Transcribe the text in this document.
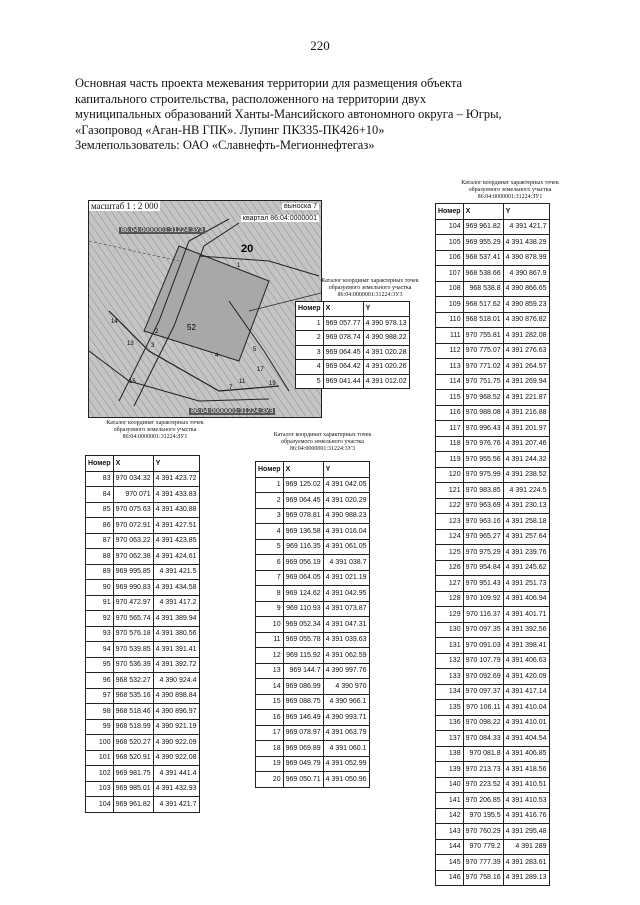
220
Основная часть проекта межевания территории для размещения объекта
капитального строительства, расположенного на территории двух
муниципальных образований Ханты-Мансийского автономного округа – Югры,
«Газопровод «Аган-НВ ГПК». Лупинг ПК335-ПК426+10»
Землепользователь: ОАО «Славнефть-Мегионнефтегаз»
масштаб 1 : 2 000	выноска 7
квартал 86:04:0000001
86:04:0000001:31224:3У3
86:04:0000001:31224:3У3
20
52
1
2
3
4
5
7
11
13
14
15
17
19
Каталог координат характерных точек
образуемого земельного участка
86:04:0000001:31224:ЗУ1
Номер	X	Y
104	969 961.82	4 391 421.7
105	969 955.29	4 391 438.29
106	968 537.41	4 390 878.99
107	968 538.66	4 390 867.9
108	968 538.8	4 390 866.65
109	968 517.62	4 390 859.23
110	968 518.01	4 390 876.82
111	970 755.81	4 391 282.08
112	970 775.07	4 391 276.63
113	970 771.02	4 391 264.57
114	970 751.75	4 391 269.94
115	970 968.52	4 391 221.87
116	970 988.08	4 391 216.88
117	970 996.43	4 391 201.97
118	970 976.76	4 391 207.46
119	970 955.56	4 391 244.32
120	970 975.99	4 391 238.52
121	970 983.85	4 391 224.5
122	970 963.69	4 391 230.13
123	970 963.16	4 391 258.18
124	970 965.27	4 391 257.64
125	970 975.29	4 391 239.76
126	970 954.84	4 391 245.62
127	970 951.43	4 391 251.73
128	970 109.92	4 391 406.94
129	970 116.37	4 391 401.71
130	970 097.35	4 391 392.56
131	970 091.03	4 391 398.41
132	970 107.79	4 391 406.63
133	970 092.69	4 391 420.09
134	970 097.37	4 391 417.14
135	970 106.11	4 391 410.04
136	970 098.22	4 391 410.01
137	970 084.33	4 391 404.54
138	970 081.8	4 391 406.85
139	970 213.73	4 391 418.56
140	970 223.52	4 391 410.51
141	970 206.85	4 391 410.53
142	970 195.5	4 391 416.76
143	970 760.29	4 391 295.48
144	970 779.2	4 391 289
145	970 777.39	4 391 283.61
146	970 758.16	4 391 289.13
Каталог координат характерных точек
образуемого земельного участка
86:04:0000001:31224:3У3
Номер	X	Y
1	969 057.77	4 390 978.13
2	969 078.74	4 390 988.22
3	969 064.45	4 391 020.28
4	969 064.42	4 391 020.26
5	969 041.44	4 391 012.02
Каталог координат характерных точек
образуемого земельного участка
86:04:0000001:31224:ЗУ1
Номер	X	Y
83	970 034.32	4 391 423.72
84	970 071	4 391 433.83
85	970 075.63	4 391 430.88
86	970 072.91	4 391 427.51
87	970 063.22	4 391 423.85
88	970 062.38	4 391 424.61
89	969 995.85	4 391 421.5
90	969 990.83	4 391 434.58
91	970 472.97	4 391 417.2
92	970 565.74	4 391 389.94
93	970 576.18	4 391 380.56
94	970 539.85	4 391 391.41
95	970 536.39	4 391 392.72
96	968 532.27	4 390 924.4
97	968 535.16	4 390 898.84
98	968 518.46	4 390 896.97
99	968 518.99	4 390 921.19
100	968 520.27	4 390 922.09
101	968 520.91	4 390 922.08
102	969 981.75	4 391 441.4
103	969 985.01	4 391 432.93
104	969 961.82	4 391 421.7
Каталог координат характерных точек
образуемого земельного участка
86:04:0000001:31224:3У3
Номер	X	Y
1	969 125.02	4 391 042.05
2	969 064.45	4 391 020.29
3	969 078.81	4 390 988.23
4	969 136.58	4 391 016.04
5	969 116.35	4 391 061.05
6	969 056.19	4 391 038.7
7	969 064.05	4 391 021.19
8	969 124.62	4 391 042.95
9	969 110.93	4 391 073.87
10	969 052.34	4 391 047.31
11	969 055.78	4 391 039.63
12	969 115.92	4 391 062.59
13	969 144.7	4 390 997.76
14	969 086.99	4 390 970
15	969 088.75	4 390 966.1
16	969 146.49	4 390 993.71
17	969 078.97	4 391 063.79
18	969 069.89	4 391 060.1
19	969 049.79	4 391 052.99
20	969 050.71	4 391 050.96
